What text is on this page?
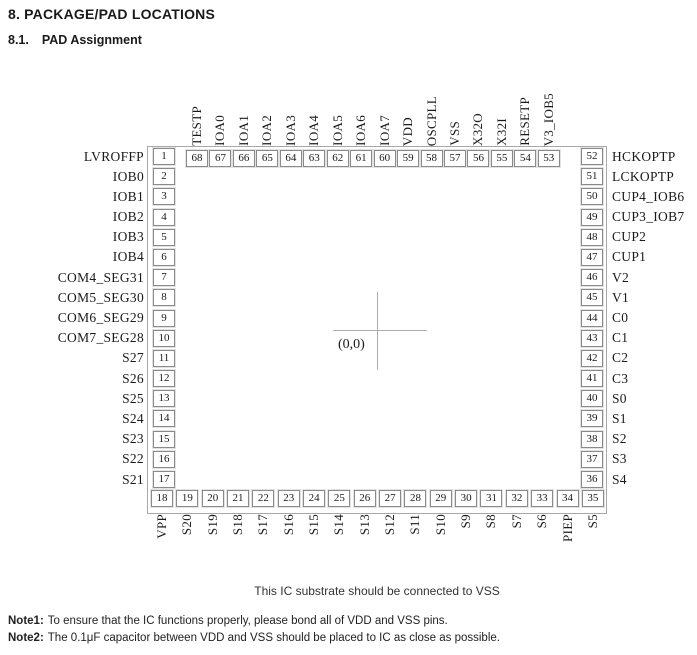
8. PACKAGE/PAD LOCATIONS
8.1. PAD Assignment
TESTP
68
IOA0
67
IOA1
66
IOA2
65
IOA3
64
IOA4
63
IOA5
62
IOA6
61
IOA7
60
VDD
59
OSCPLL
58
VSS
57
X32O
56
X32I
55
RESETP
54
V3_IOB5
53
LVROFFP	1
IOB0	2
IOB1	3
IOB2	4
IOB3	5
IOB4	6
COM4_SEG31	7
COM5_SEG30	8
COM6_SEG29	9
COM7_SEG28	10
S27	11
S26	12
S25	13
S24	14
S23	15
S22	16
S21	17
52	HCKOPTP
51	LCKOPTP
50	CUP4_IOB6
49	CUP3_IOB7
48	CUP2
47	CUP1
46	V2
45	V1
44	C0
43	C1
42	C2
41	C3
40	S0
39	S1
38	S2
37	S3
36	S4
18
VPP
19
S20
20
S19
21
S18
22
S17
23
S16
24
S15
25
S14
26
S13
27
S12
28
S11
29
S10
30
S9
31
S8
32
S7
33
S6
34
PIEP
35
S5
(0,0)
This IC substrate should be connected to VSS
Note1: To ensure that the IC functions properly, please bond all of VDD and VSS pins.
Note2: The 0.1μF capacitor between VDD and VSS should be placed to IC as close as possible.
